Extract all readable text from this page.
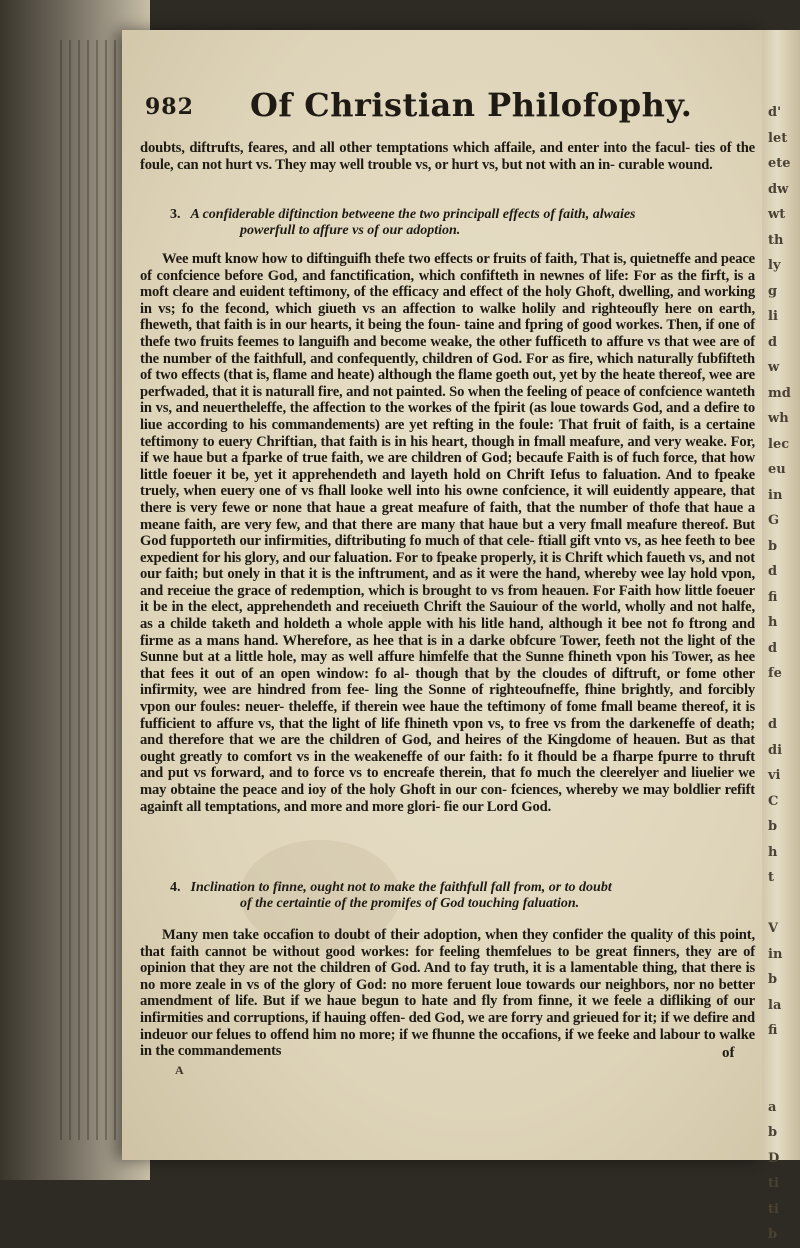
d'
let
ete
dw
wt
th
ly
g
li
d
w
md
wh
lec
eu
in
G
b
d
fi
h
d
fe

d
di
vi
C
b
h
t

V
in
b
la
fi

a
b
D
ti
ti
b
982 Of Christian Philofophy.

doubts, diftrufts, feares, and all other temptations which affaile, and enter into the facul- ties of the foule, can not hurt vs. They may well trouble vs, or hurt vs, but not with an in- curable wound.

3. A confiderable diftinction betweene the two principall effects of faith, alwaies
powerfull to affure vs of our adoption.

Wee muft know how to diftinguifh thefe two effects or fruits of faith, That is, quietneffe and peace of confcience before God, and fanctification, which confifteth in newnes of life: For as the firft, is a moft cleare and euident teftimony, of the efficacy and effect of the holy Ghoft, dwelling, and working in vs; fo the fecond, which giueth vs an affection to walke holily and righteoufly here on earth, fheweth, that faith is in our hearts, it being the foun- taine and fpring of good workes. Then, if one of thefe two fruits feemes to languifh and become weake, the other fufficeth to affure vs that wee are of the number of the faithfull, and confequently, children of God. For as fire, which naturally fubfifteth of two effects (that is, flame and heate) although the flame goeth out, yet by the heate thereof, wee are perfwaded, that it is naturall fire, and not painted. So when the feeling of peace of confcience wanteth in vs, and neuertheleffe, the affection to the workes of the fpirit (as loue towards God, and a defire to liue according to his commandements) are yet refting in the foule: That fruit of faith, is a certaine teftimony to euery Chriftian, that faith is in his heart, though in fmall meafure, and very weake. For, if we haue but a fparke of true faith, we are children of God; becaufe Faith is of fuch force, that how little foeuer it be, yet it apprehendeth and layeth hold on Chrift Iefus to faluation. And to fpeake truely, when euery one of vs fhall looke well into his owne confcience, it will euidently appeare, that there is very fewe or none that haue a great meafure of faith, that the number of thofe that haue a meane faith, are very few, and that there are many that haue but a very fmall meafure thereof. But God fupporteth our infirmities, diftributing fo much of that cele- ftiall gift vnto vs, as hee feeth to bee expedient for his glory, and our faluation. For to fpeake properly, it is Chrift which faueth vs, and not our faith; but onely in that it is the inftrument, and as it were the hand, whereby wee lay hold vpon, and receiue the grace of redemption, which is brought to vs from heauen. For Faith how little foeuer it be in the elect, apprehendeth and receiueth Chrift the Sauiour of the world, wholly and not halfe, as a childe taketh and holdeth a whole apple with his litle hand, although it bee not fo ftrong and firme as a mans hand. Wherefore, as hee that is in a darke obfcure Tower, feeth not the light of the Sunne but at a little hole, may as well affure himfelfe that the Sunne fhineth vpon his Tower, as hee that fees it out of an open window: fo al- though that by the cloudes of diftruft, or fome other infirmity, wee are hindred from fee- ling the Sonne of righteoufneffe, fhine brightly, and forcibly vpon our foules: neuer- theleffe, if therein wee haue the teftimony of fome fmall beame thereof, it is fufficient to affure vs, that the light of life fhineth vpon vs, to free vs from the darkeneffe of death; and therefore that we are the children of God, and heires of the Kingdome of heauen. But as that ought greatly to comfort vs in the weakeneffe of our faith: fo it fhould be a fharpe fpurre to thruft and put vs forward, and to force vs to encreafe therein, that fo much the cleerelyer and liuelier we may obtaine the peace and ioy of the holy Ghoft in our con- fciences, whereby we may boldlier refift againft all temptations, and more and more glori- fie our Lord God.

4. Inclination to finne, ought not to make the faithfull fall from, or to doubt
of the certaintie of the promifes of God touching faluation.

Many men take occafion to doubt of their adoption, when they confider the quality of this point, that faith cannot be without good workes: for feeling themfelues to be great finners, they are of opinion that they are not the children of God. And to fay truth, it is a lamentable thing, that there is no more zeale in vs of the glory of God: no more feruent loue towards our neighbors, nor no better amendment of life. But if we haue begun to hate and fly from finne, it we feele a difliking of our infirmities and corruptions, if hauing offen- ded God, we are forry and grieued for it; if we defire and indeuor our felues to offend him no more; if we fhunne the occafions, if we feeke and labour to walke in the commandements	of
A
